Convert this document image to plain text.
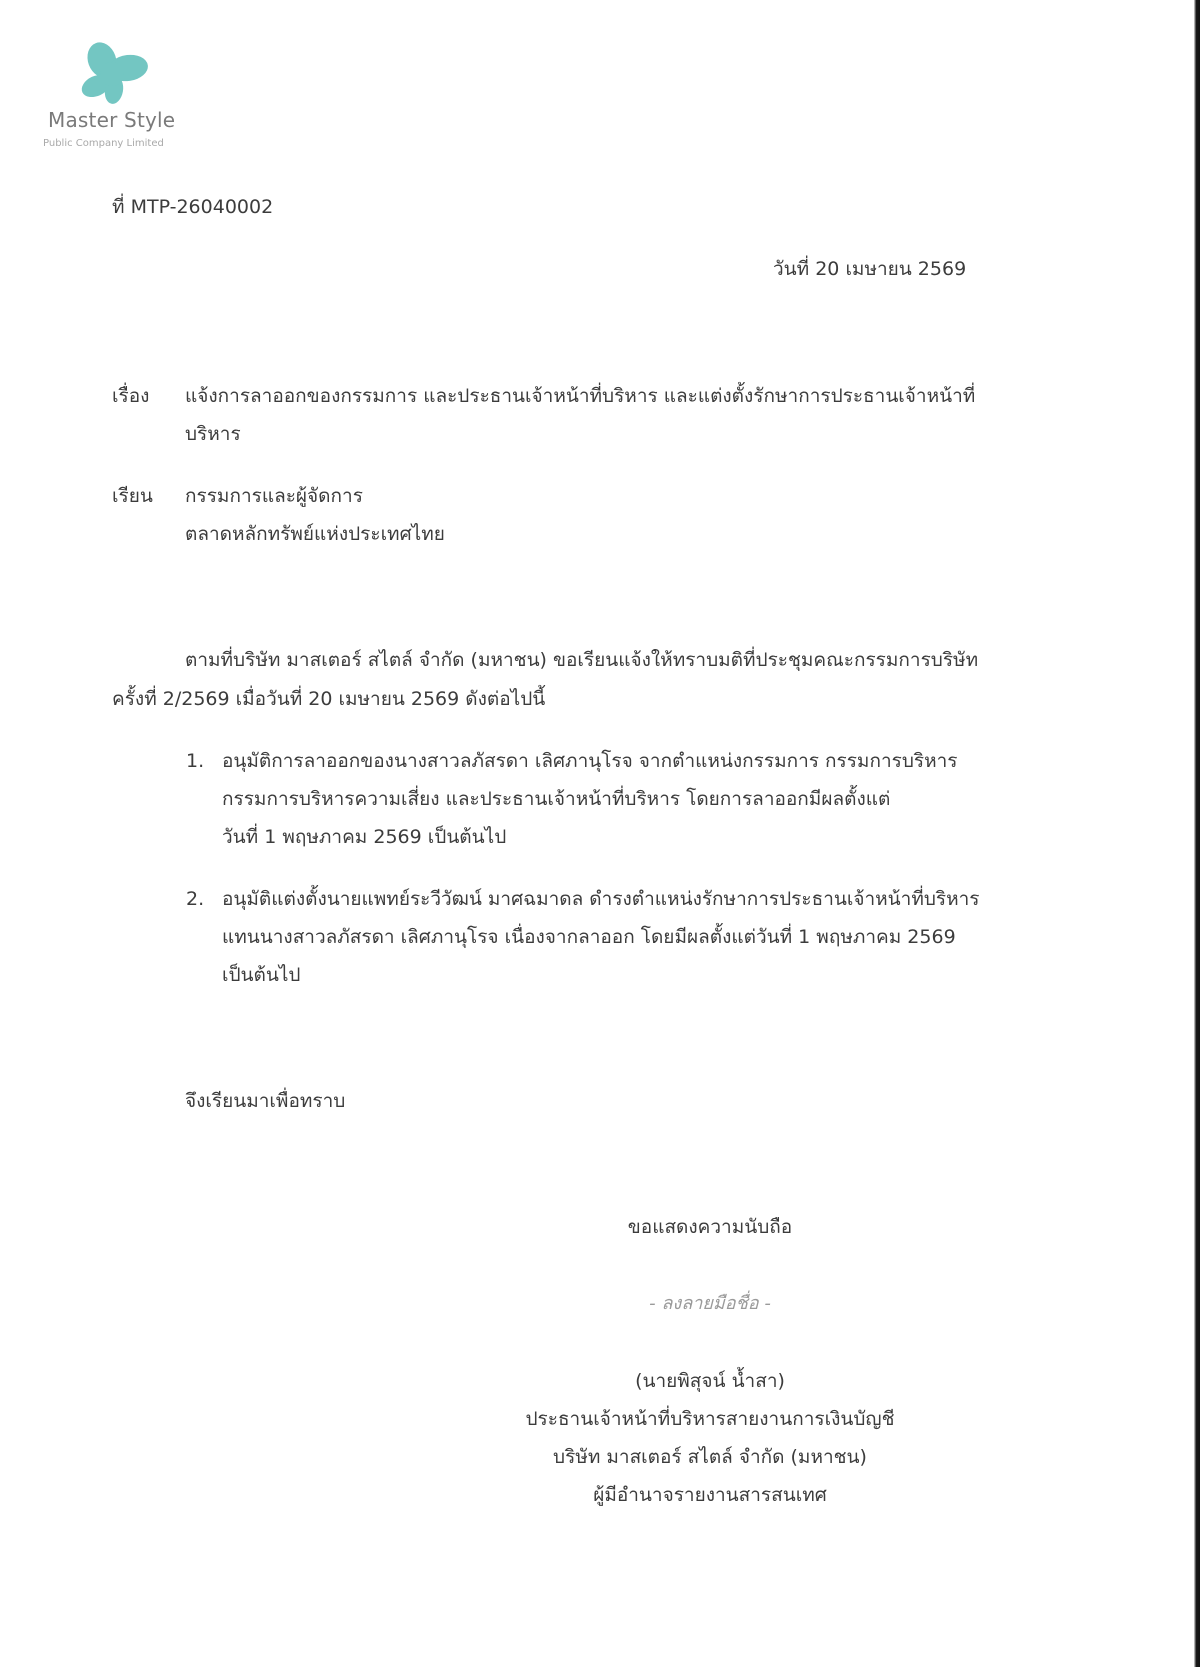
Master Style
Public Company Limited
ที่ MTP-26040002
วันที่ 20 เมษายน 2569
เรื่อง แจ้งการลาออกของกรรมการ และประธานเจ้าหน้าที่บริหาร และแต่งตั้งรักษาการประธานเจ้าหน้าที่
บริหาร
เรียน กรรมการและผู้จัดการ
ตลาดหลักทรัพย์แห่งประเทศไทย
ตามที่บริษัท มาสเตอร์ สไตล์ จำกัด (มหาชน) ขอเรียนแจ้งให้ทราบมติที่ประชุมคณะกรรมการบริษัท
ครั้งที่ 2/2569 เมื่อวันที่ 20 เมษายน 2569 ดังต่อไปนี้
1. อนุมัติการลาออกของนางสาวลภัสรดา เลิศภานุโรจ จากตำแหน่งกรรมการ กรรมการบริหาร
กรรมการบริหารความเสี่ยง และประธานเจ้าหน้าที่บริหาร โดยการลาออกมีผลตั้งแต่
วันที่ 1 พฤษภาคม 2569 เป็นต้นไป
2. อนุมัติแต่งตั้งนายแพทย์ระวีวัฒน์ มาศฉมาดล ดำรงตำแหน่งรักษาการประธานเจ้าหน้าที่บริหาร
แทนนางสาวลภัสรดา เลิศภานุโรจ เนื่องจากลาออก โดยมีผลตั้งแต่วันที่ 1 พฤษภาคม 2569
เป็นต้นไป
จึงเรียนมาเพื่อทราบ
ขอแสดงความนับถือ
- ลงลายมือชื่อ -
(นายพิสุจน์ น้ำสา)
ประธานเจ้าหน้าที่บริหารสายงานการเงินบัญชี
บริษัท มาสเตอร์ สไตล์ จำกัด (มหาชน)
ผู้มีอำนาจรายงานสารสนเทศ
